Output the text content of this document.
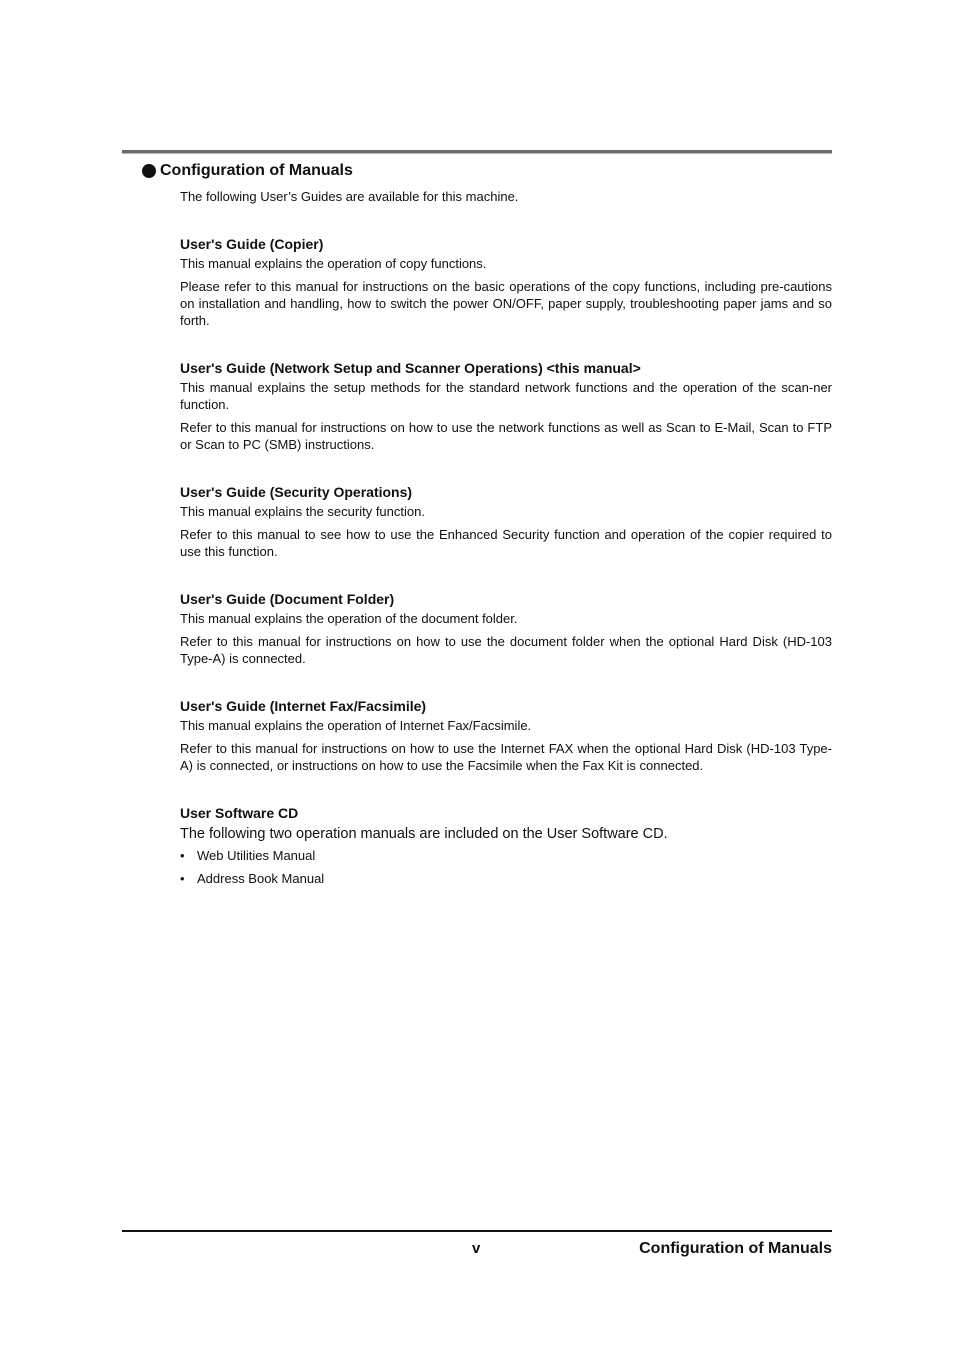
Configuration of Manuals

The following User’s Guides are available for this machine.

User's Guide (Copier)

This manual explains the operation of copy functions.

Please refer to this manual for instructions on the basic operations of the copy functions, including pre-cautions on installation and handling, how to switch the power ON/OFF, paper supply, troubleshooting paper jams and so forth.

User's Guide (Network Setup and Scanner Operations) <this manual>

This manual explains the setup methods for the standard network functions and the operation of the scan-ner function.

Refer to this manual for instructions on how to use the network functions as well as Scan to E-Mail, Scan to FTP or Scan to PC (SMB) instructions.

User's Guide (Security Operations)

This manual explains the security function.

Refer to this manual to see how to use the Enhanced Security function and operation of the copier required to use this function.

User's Guide (Document Folder)

This manual explains the operation of the document folder.

Refer to this manual for instructions on how to use the document folder when the optional Hard Disk (HD-103 Type-A) is connected.

User's Guide (Internet Fax/Facsimile)

This manual explains the operation of Internet Fax/Facsimile.

Refer to this manual for instructions on how to use the Internet FAX when the optional Hard Disk (HD-103 Type-A) is connected, or instructions on how to use the Facsimile when the Fax Kit is connected.

User Software CD

The following two operation manuals are included on the User Software CD.

• Web Utilities Manual
• Address Book Manual
v	Configuration of Manuals
